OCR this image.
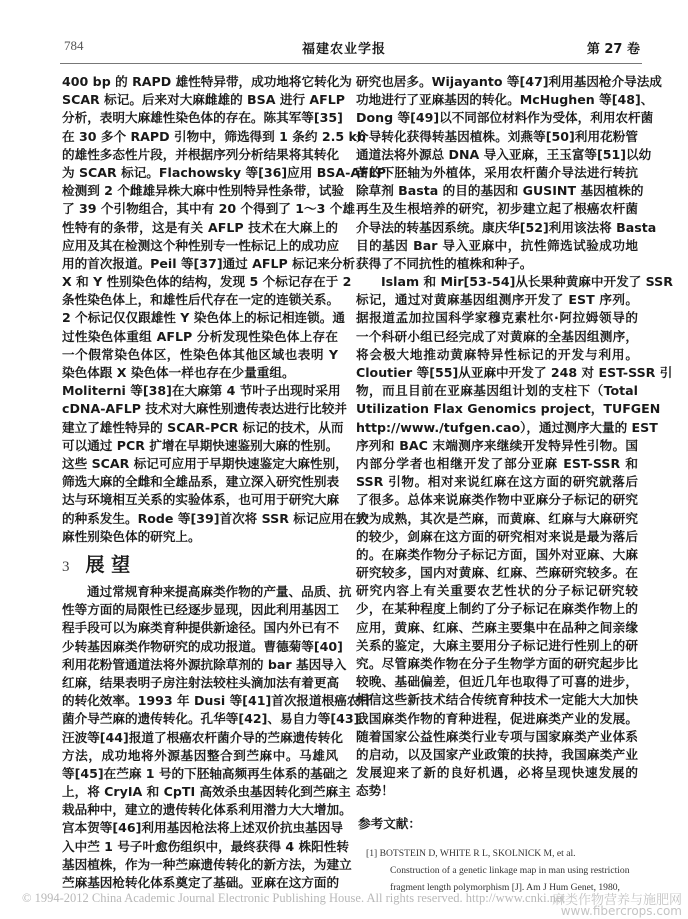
784	福建农业学报	第 27 卷
400 bp 的 RAPD 雄性特异带，成功地将它转化为
SCAR 标记。后来对大麻雌雄的 BSA 进行 AFLP
分析，表明大麻雄性染色体的存在。陈其军等[35]
在 30 多个 RAPD 引物中，筛选得到 1 条约 2.5 kb
的雄性多态性片段，并根据序列分析结果将其转化
为 SCAR 标记。Flachowsky 等[36]应用 BSA-AFLP
检测到 2 个雌雄异株大麻中性别特异性条带，试验
了 39 个引物组合，其中有 20 个得到了 1～3 个雄
性特有的条带，这是有关 AFLP 技术在大麻上的
应用及其在检测这个种性别专一性标记上的成功应
用的首次报道。Peil 等[37]通过 AFLP 标记来分析
X 和 Y 性别染色体的结构，发现 5 个标记存在于 2
条性染色体上，和雄性后代存在一定的连锁关系。
2 个标记仅仅跟雄性 Y 染色体上的标记相连锁。通
过性染色体重组 AFLP 分析发现性染色体上存在
一个假常染色体区，性染色体其他区域也表明 Y
染色体跟 X 染色体一样也存在少量重组。
Moliterni 等[38]在大麻第 4 节叶子出现时采用
cDNA-AFLP 技术对大麻性别遗传表达进行比较并
建立了雄性特异的 SCAR-PCR 标记的技术，从而
可以通过 PCR 扩增在早期快速鉴别大麻的性别。
这些 SCAR 标记可应用于早期快速鉴定大麻性别，
筛选大麻的全雌和全雄品系，建立深入研究性别表
达与环境相互关系的实验体系，也可用于研究大麻
的种系发生。Rode 等[39]首次将 SSR 标记应用在大
麻性别染色体的研究上。
3 展 望
通过常规育种来提高麻类作物的产量、品质、抗
性等方面的局限性已经逐步显现，因此利用基因工
程手段可以为麻类育种提供新途径。国内外已有不
少转基因麻类作物研究的成功报道。曹德菊等[40]
利用花粉管通道法将外源抗除草剂的 bar 基因导入
红麻，结果表明子房注射法较柱头滴加法有着更高
的转化效率。1993 年 Dusi 等[41]首次报道根癌农杆
菌介导苎麻的遗传转化。孔华等[42]、易自力等[43]、
汪波等[44]报道了根癌农杆菌介导的苎麻遗传转化
方法，成功地将外源基因整合到苎麻中。马雄风
等[45]在苎麻 1 号的下胚轴高频再生体系的基础之
上，将 CryIA 和 CpTI 高效杀虫基因转化到苎麻主
栽品种中，建立的遗传转化体系利用潜力大大增加。
宫本贺等[46]利用基因枪法将上述双价抗虫基因导
入中苎 1 号子叶愈伤组织中，最终获得 4 株阳性转
基因植株，作为一种苎麻遗传转化的新方法，为建立
苎麻基因枪转化体系奠定了基础。亚麻在这方面的
研究也居多。Wijayanto 等[47]利用基因枪介导法成
功地进行了亚麻基因的转化。McHughen 等[48]、
Dong 等[49]以不同部位材料作为受体，利用农杆菌
介导转化获得转基因植株。刘燕等[50]利用花粉管
通道法将外源总 DNA 导入亚麻，王玉富等[51]以幼
苗的下胚轴为外植体，采用农杆菌介导法进行转抗
除草剂 Basta 的目的基因和 GUSINT 基因植株的
再生及生根培养的研究，初步建立起了根癌农杆菌
介导法的转基因系统。康庆华[52]利用该法将 Basta
目的基因 Bar 导入亚麻中，抗性筛选试验成功地
获得了不同抗性的植株和种子。
Islam 和 Mir[53-54]从长果种黄麻中开发了 SSR
标记，通过对黄麻基因组测序开发了 EST 序列。
据报道孟加拉国科学家穆克素杜尔·阿拉姆领导的
一个科研小组已经完成了对黄麻的全基因组测序，
将会极大地推动黄麻特异性标记的开发与利用。
Cloutier 等[55]从亚麻中开发了 248 对 EST-SSR 引
物，而且目前在亚麻基因组计划的支柱下（Total
Utilization Flax Genomics project，TUFGEN
http://www./tufgen.cao），通过测序大量的 EST
序列和 BAC 末端测序来继续开发特异性引物。国
内部分学者也相继开发了部分亚麻 EST-SSR 和
SSR 引物。相对来说红麻在这方面的研究就落后
了很多。总体来说麻类作物中亚麻分子标记的研究
较为成熟，其次是苎麻，而黄麻、红麻与大麻研究
的较少，剑麻在这方面的研究相对来说是最为落后
的。在麻类作物分子标记方面，国外对亚麻、大麻
研究较多，国内对黄麻、红麻、苎麻研究较多。在
研究内容上有关重要农艺性状的分子标记研究较
少，在某种程度上制约了分子标记在麻类作物上的
应用，黄麻、红麻、苎麻主要集中在品种之间亲缘
关系的鉴定，大麻主要用分子标记进行性别上的研
究。尽管麻类作物在分子生物学方面的研究起步比
较晚、基础偏差，但近几年也取得了可喜的进步，
相信这些新技术结合传统育种技术一定能大大加快
我国麻类作物的育种进程，促进麻类产业的发展。
随着国家公益性麻类行业专项与国家麻类产业体系
的启动，以及国家产业政策的扶持，我国麻类产业
发展迎来了新的良好机遇，必将呈现快速发展的
态势！
参考文献：
[1] BOTSTEIN D, WHITE R L, SKOLNICK M, et al.
Construction of a genetic linkage map in man using restriction
fragment length polymorphism [J]. Am J Hum Genet, 1980,
© 1994-2012 China Academic Journal Electronic Publishing House. All rights reserved. http://www.cnki.net
麻类作物营养与施肥网
www.fibercrops.com
